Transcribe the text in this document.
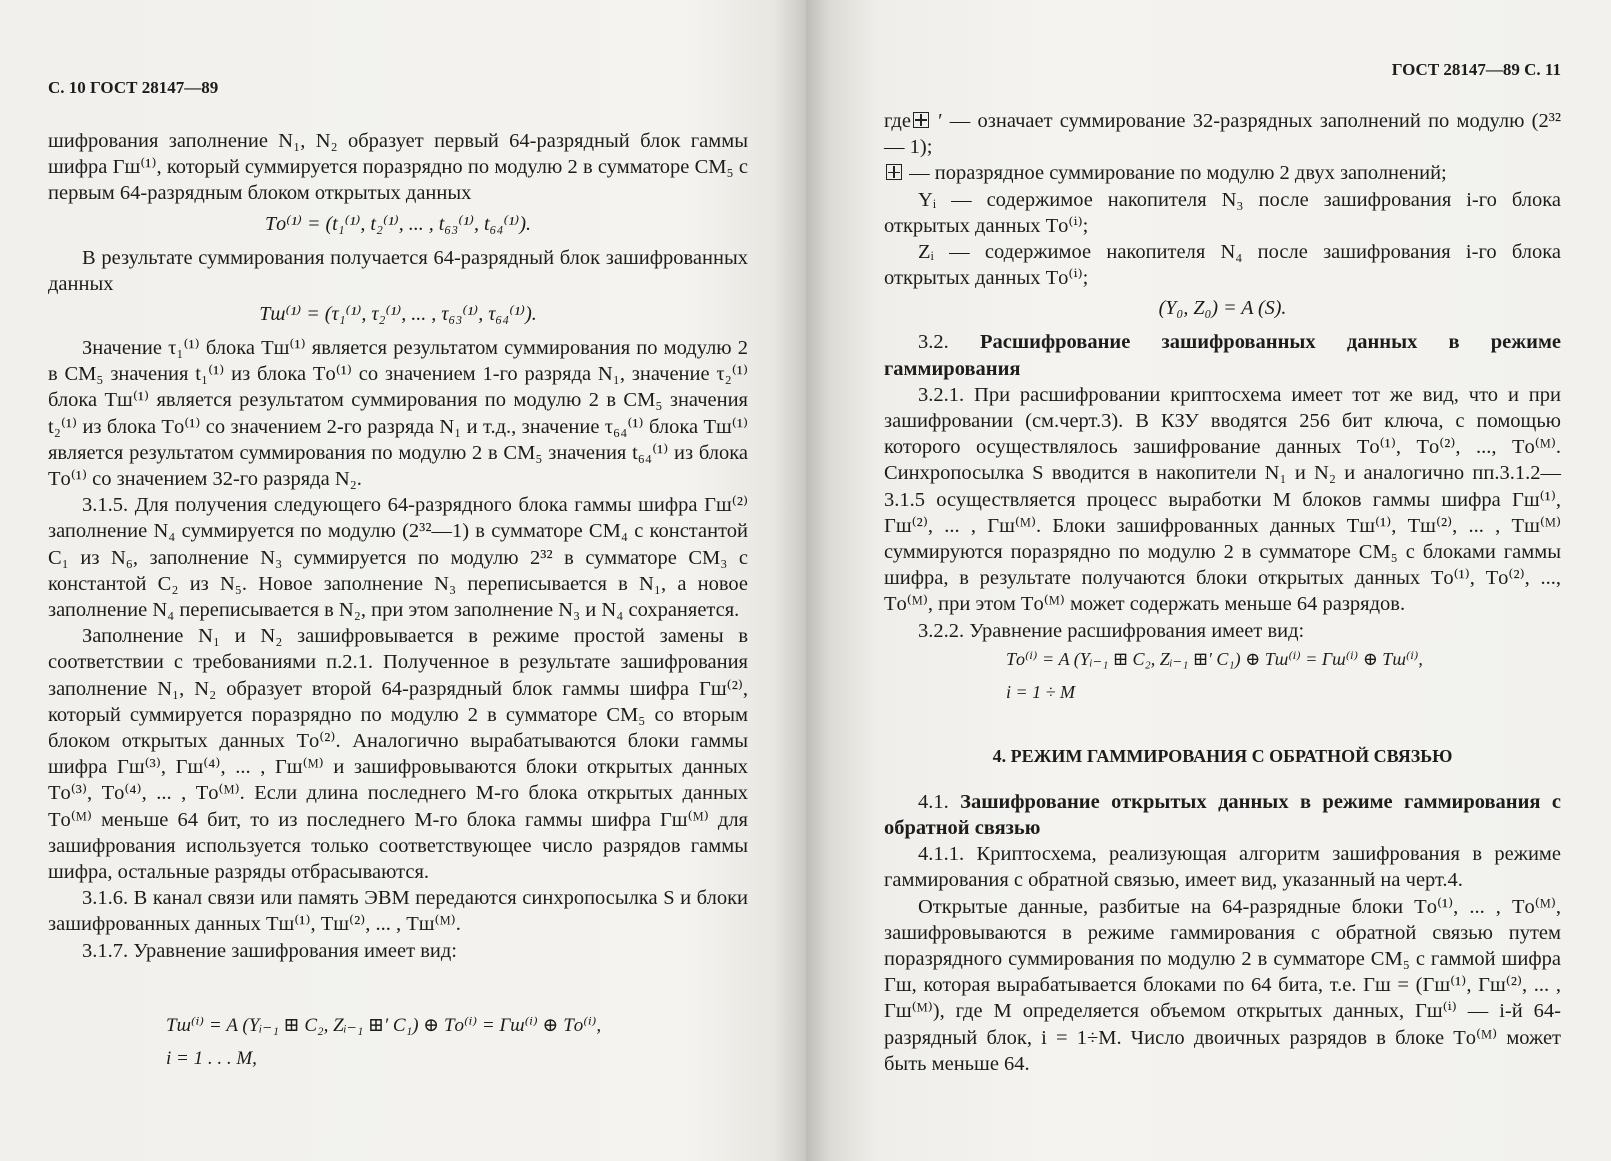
С. 10 ГОСТ 28147—89

шифрования заполнение N₁, N₂ образует первый 64-разрядный блок гаммы шифра Гш⁽¹⁾, который суммируется поразрядно по модулю 2 в сумматоре CM₅ с первым 64-разрядным блоком открытых данных

Tо⁽¹⁾ = (t₁⁽¹⁾, t₂⁽¹⁾, ... , t₆₃⁽¹⁾, t₆₄⁽¹⁾).

В результате суммирования получается 64-разрядный блок зашифрованных данных

Tш⁽¹⁾ = (τ₁⁽¹⁾, τ₂⁽¹⁾, ... , τ₆₃⁽¹⁾, τ₆₄⁽¹⁾).

Значение τ₁⁽¹⁾ блока Tш⁽¹⁾ является результатом суммирования по модулю 2 в CM₅ значения t₁⁽¹⁾ из блока Tо⁽¹⁾ со значением 1-го разряда N₁, значение τ₂⁽¹⁾ блока Tш⁽¹⁾ является результатом суммирования по модулю 2 в CM₅ значения t₂⁽¹⁾ из блока Tо⁽¹⁾ со значением 2-го разряда N₁ и т.д., значение τ₆₄⁽¹⁾ блока Tш⁽¹⁾ является результатом суммирования по модулю 2 в CM₅ значения t₆₄⁽¹⁾ из блока Tо⁽¹⁾ со значением 32-го разряда N₂.

3.1.5. Для получения следующего 64-разрядного блока гаммы шифра Гш⁽²⁾ заполнение N₄ суммируется по модулю (2³²—1) в сумматоре CM₄ с константой C₁ из N₆, заполнение N₃ суммируется по модулю 2³² в сумматоре CM₃ с константой C₂ из N₅. Новое заполнение N₃ переписывается в N₁, а новое заполнение N₄ переписывается в N₂, при этом заполнение N₃ и N₄ сохраняется.

Заполнение N₁ и N₂ зашифровывается в режиме простой замены в соответствии с требованиями п.2.1. Полученное в результате зашифрования заполнение N₁, N₂ образует второй 64-разрядный блок гаммы шифра Гш⁽²⁾, который суммируется поразрядно по модулю 2 в сумматоре CM₅ со вторым блоком открытых данных Tо⁽²⁾. Аналогично вырабатываются блоки гаммы шифра Гш⁽³⁾, Гш⁽⁴⁾, ... , Гш⁽ᴹ⁾ и зашифровываются блоки открытых данных Tо⁽³⁾, Tо⁽⁴⁾, ... , Tо⁽ᴹ⁾. Если длина последнего M-го блока открытых данных Tо⁽ᴹ⁾ меньше 64 бит, то из последнего M-го блока гаммы шифра Гш⁽ᴹ⁾ для зашифрования используется только соответствующее число разрядов гаммы шифра, остальные разряды отбрасываются.

3.1.6. В канал связи или память ЭВМ передаются синхропосылка S и блоки зашифрованных данных Tш⁽¹⁾, Tш⁽²⁾, ... , Tш⁽ᴹ⁾.

3.1.7. Уравнение зашифрования имеет вид:

Tш⁽ⁱ⁾ = A (Yᵢ₋₁ ⊞ C₂, Zᵢ₋₁ ⊞′ C₁) ⊕ Tо⁽ⁱ⁾ = Гш⁽ⁱ⁾ ⊕ Tо⁽ⁱ⁾,
i = 1 . . . M,
ГОСТ 28147—89 С. 11

где ′ — означает суммирование 32-разрядных заполнений по модулю (2³² — 1);

— поразрядное суммирование по модулю 2 двух заполнений;

Yᵢ — содержимое накопителя N₃ после зашифрования i-го блока открытых данных Tо⁽ⁱ⁾;

Zᵢ — содержимое накопителя N₄ после зашифрования i-го блока открытых данных Tо⁽ⁱ⁾;

(Y₀, Z₀) = A (S).

3.2. Расшифрование зашифрованных данных в режиме гаммирования

3.2.1. При расшифровании криптосхема имеет тот же вид, что и при зашифровании (см.черт.3). В КЗУ вводятся 256 бит ключа, с помощью которого осуществлялось зашифрование данных Tо⁽¹⁾, Tо⁽²⁾, ..., Tо⁽ᴹ⁾. Синхропосылка S вводится в накопители N₁ и N₂ и аналогично пп.3.1.2—3.1.5 осуществляется процесс выработки M блоков гаммы шифра Гш⁽¹⁾, Гш⁽²⁾, ... , Гш⁽ᴹ⁾. Блоки зашифрованных данных Tш⁽¹⁾, Tш⁽²⁾, ... , Tш⁽ᴹ⁾ суммируются поразрядно по модулю 2 в сумматоре CM₅ с блоками гаммы шифра, в результате получаются блоки открытых данных Tо⁽¹⁾, Tо⁽²⁾, ..., Tо⁽ᴹ⁾, при этом Tо⁽ᴹ⁾ может содержать меньше 64 разрядов.

3.2.2. Уравнение расшифрования имеет вид:

Tо⁽ⁱ⁾ = A (Yᵢ₋₁ ⊞ C₂, Zᵢ₋₁ ⊞′ C₁) ⊕ Tш⁽ⁱ⁾ = Гш⁽ⁱ⁾ ⊕ Tш⁽ⁱ⁾,
i = 1 ÷ M
4. РЕЖИМ ГАММИРОВАНИЯ С ОБРАТНОЙ СВЯЗЬЮ

4.1. Зашифрование открытых данных в режиме гаммирования с обратной связью

4.1.1. Криптосхема, реализующая алгоритм зашифрования в режиме гаммирования с обратной связью, имеет вид, указанный на черт.4.

Открытые данные, разбитые на 64-разрядные блоки Tо⁽¹⁾, ... , Tо⁽ᴹ⁾, зашифровываются в режиме гаммирования с обратной связью путем поразрядного суммирования по модулю 2 в сумматоре CM₅ с гаммой шифра Гш, которая вырабатывается блоками по 64 бита, т.е. Гш = (Гш⁽¹⁾, Гш⁽²⁾, ... , Гш⁽ᴹ⁾), где M определяется объемом открытых данных, Гш⁽ⁱ⁾ — i-й 64-разрядный блок, i = 1÷M. Число двоичных разрядов в блоке Tо⁽ᴹ⁾ может быть меньше 64.
